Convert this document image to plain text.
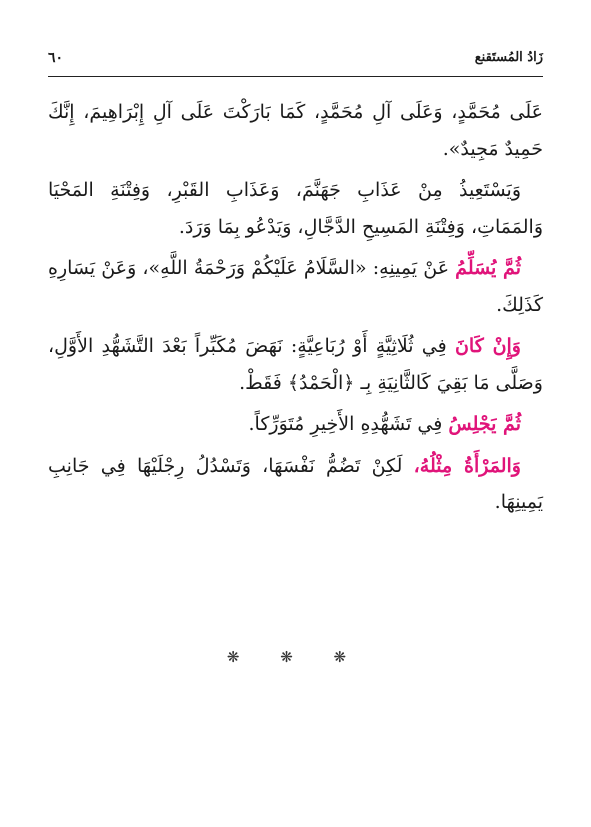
زَادُ المُستَقنع
٦٠

عَلَى مُحَمَّدٍ، وَعَلَى آلِ مُحَمَّدٍ، كَمَا بَارَكْتَ عَلَى آلِ إِبْرَاهِيمَ، إِنَّكَ حَمِيدٌ مَجِيدٌ».

وَيَسْتَعِيذُ مِنْ عَذَابِ جَهَنَّمَ، وَعَذَابِ القَبْرِ، وَفِتْنَةِ المَحْيَا وَالمَمَاتِ، وَفِتْنَةِ المَسِيحِ الدَّجَّالِ، وَيَدْعُو بِمَا وَرَدَ.

ثُمَّ يُسَلِّمُ عَنْ يَمِينِهِ: «السَّلَامُ عَلَيْكُمْ وَرَحْمَةُ اللَّهِ»، وَعَنْ يَسَارِهِ كَذَلِكَ.

وَإِنْ كَانَ فِي ثُلَاثِيَّةٍ أَوْ رُبَاعِيَّةٍ: نَهَضَ مُكَبِّراً بَعْدَ التَّشَهُّدِ الأَوَّلِ، وَصَلَّى مَا بَقِيَ كَالثَّانِيَةِ بِـ ﴿الْحَمْدُ﴾ فَقَطْ.

ثُمَّ يَجْلِسُ فِي تَشَهُّدِهِ الأَخِيرِ مُتَوَرِّكاً.

وَالمَرْأَةُ مِثْلُهُ، لَكِنْ تَضُمُّ نَفْسَهَا، وَتَسْدُلُ رِجْلَيْهَا فِي جَانِبِ يَمِينِهَا.

❋ ❋ ❋
